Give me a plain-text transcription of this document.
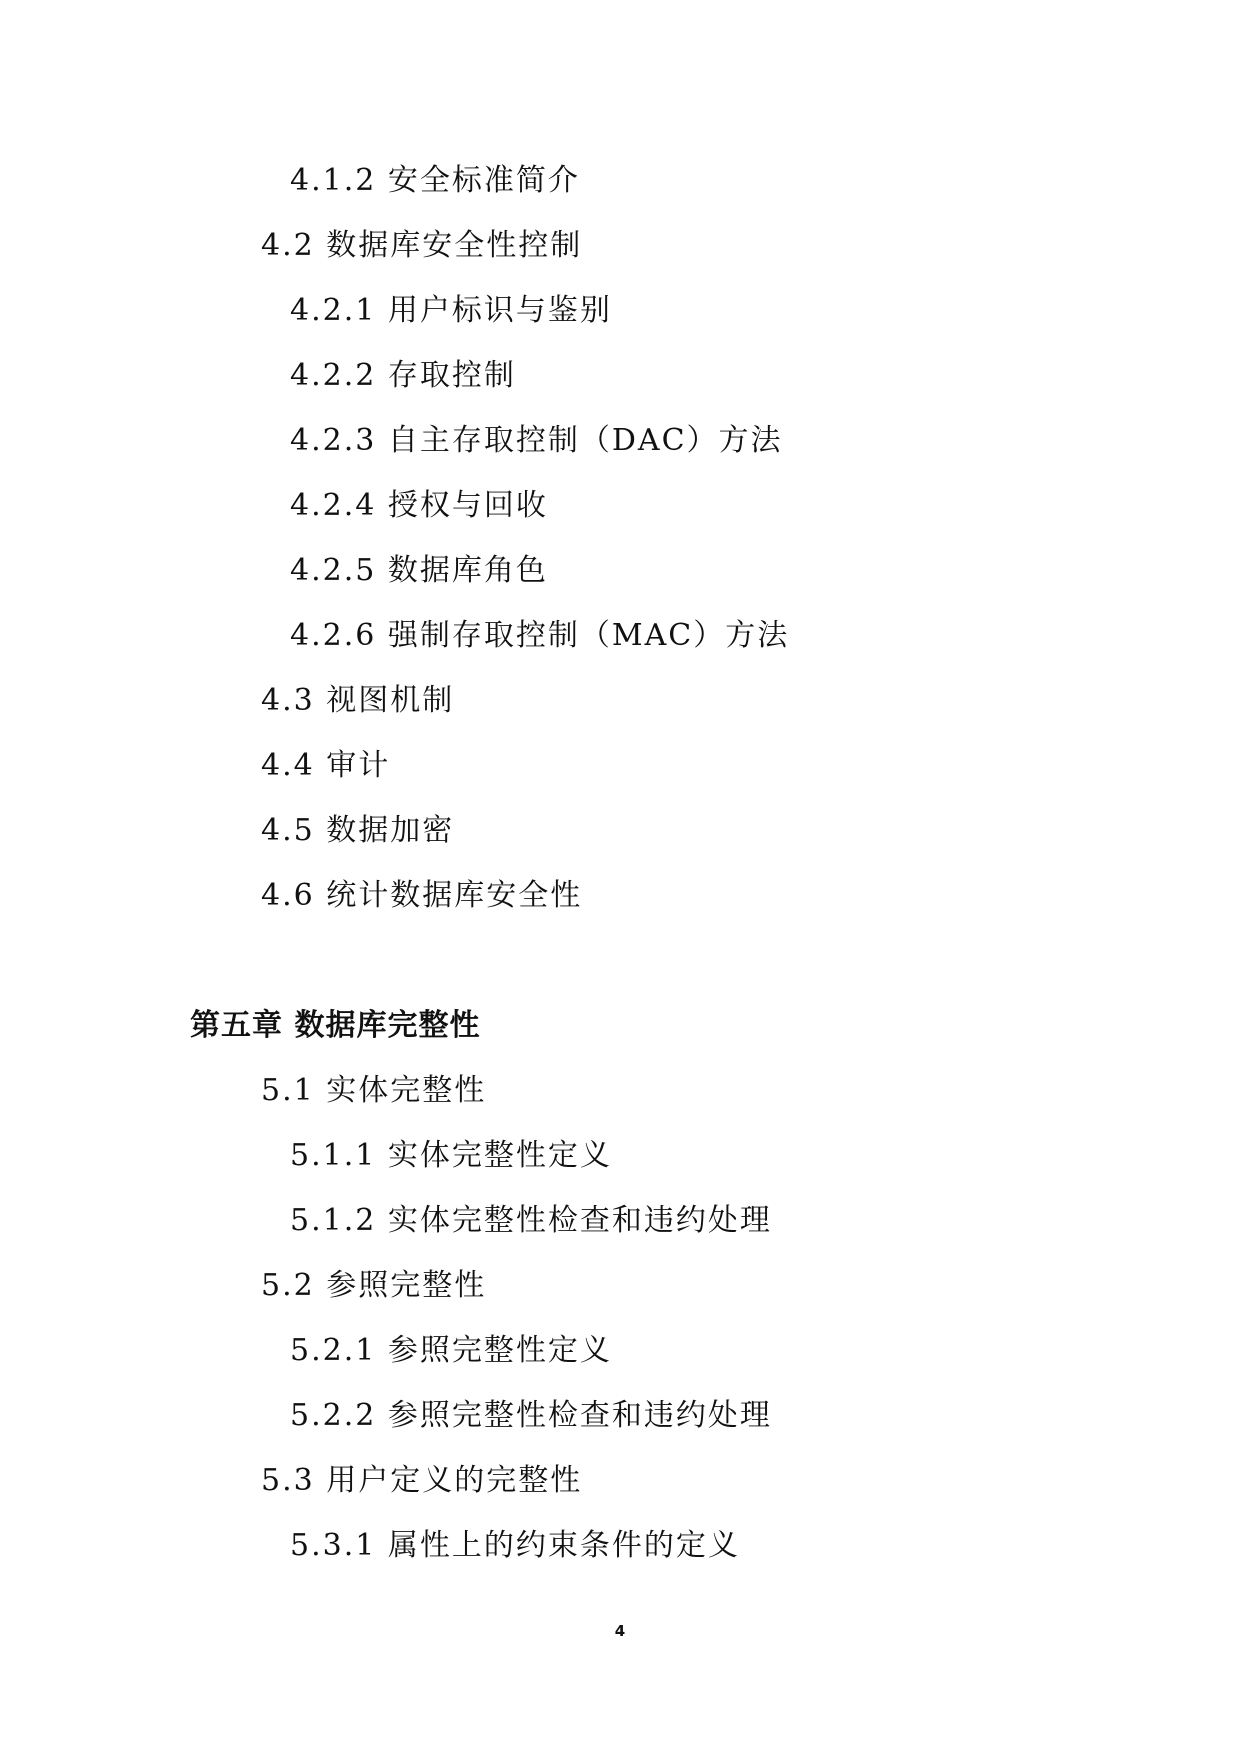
4.1.2 安全标准简介
4.2 数据库安全性控制
4.2.1 用户标识与鉴别
4.2.2 存取控制
4.2.3 自主存取控制（DAC）方法
4.2.4 授权与回收
4.2.5 数据库角色
4.2.6 强制存取控制（MAC）方法
4.3 视图机制
4.4 审计
4.5 数据加密
4.6 统计数据库安全性
第五章 数据库完整性
5.1 实体完整性
5.1.1 实体完整性定义
5.1.2 实体完整性检查和违约处理
5.2 参照完整性
5.2.1 参照完整性定义
5.2.2 参照完整性检查和违约处理
5.3 用户定义的完整性
5.3.1 属性上的约束条件的定义
4
